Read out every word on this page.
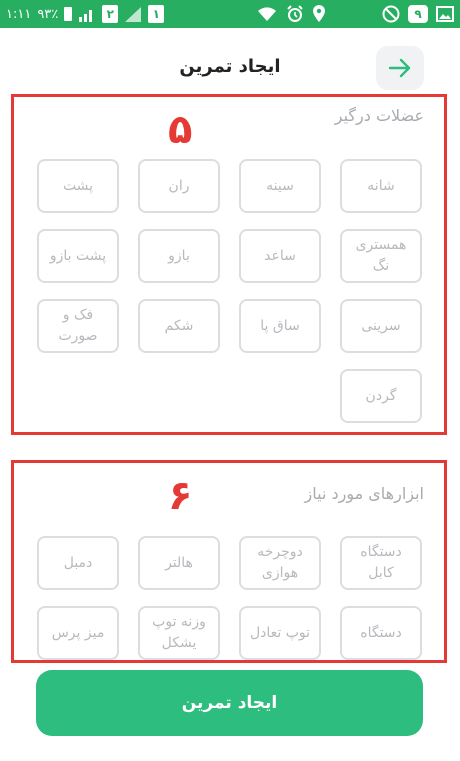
۱:۱۱ ۹۳٪	۲	۱	۹
ایجاد تمرین
۵	عضلات درگیر
شانه
سینه
ران
پشت
همستری نگ
ساعد
بازو
پشت بازو
سرینی
ساق پا
شکم
فک و صورت
گردن
۶	ابزارهای مورد نیاز
دستگاه کابل
دوچرخه هوازی
هالتر
دمبل
دستگاه
توپ تعادل
وزنه توپ یشکل
میز پرس
ایجاد تمرین
